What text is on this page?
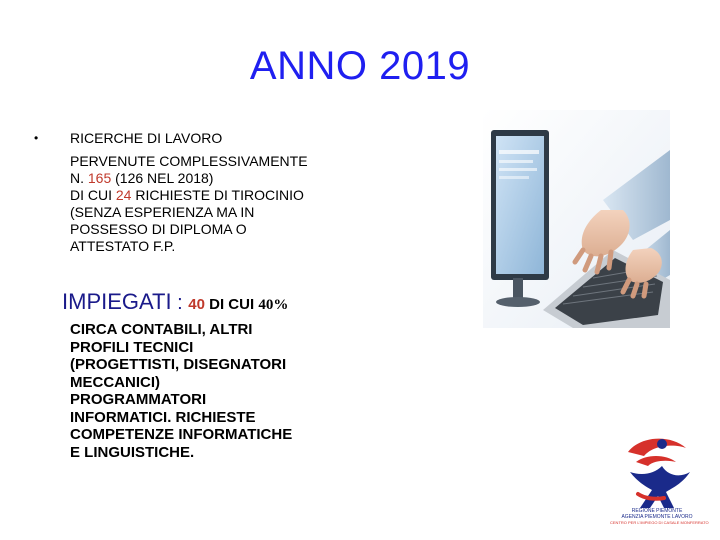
ANNO 2019
• RICERCHE DI LAVORO
PERVENUTE COMPLESSIVAMENTE
N. 165 (126 NEL 2018)
DI CUI 24 RICHIESTE DI TIROCINIO
(SENZA ESPERIENZA MA IN
POSSESSO DI DIPLOMA O
ATTESTATO F.P.
IMPIEGATI : 40 DI CUI 40%
CIRCA CONTABILI, ALTRI
PROFILI TECNICI
(PROGETTISTI, DISEGNATORI
MECCANICI)
PROGRAMMATORI
INFORMATICI. RICHIESTE
COMPETENZE INFORMATICHE
E LINGUISTICHE.
REGIONE PIEMONTE
AGENZIA PIEMONTE LAVORO
CENTRO PER L'IMPIEGO DI CASALE MONFERRATO
